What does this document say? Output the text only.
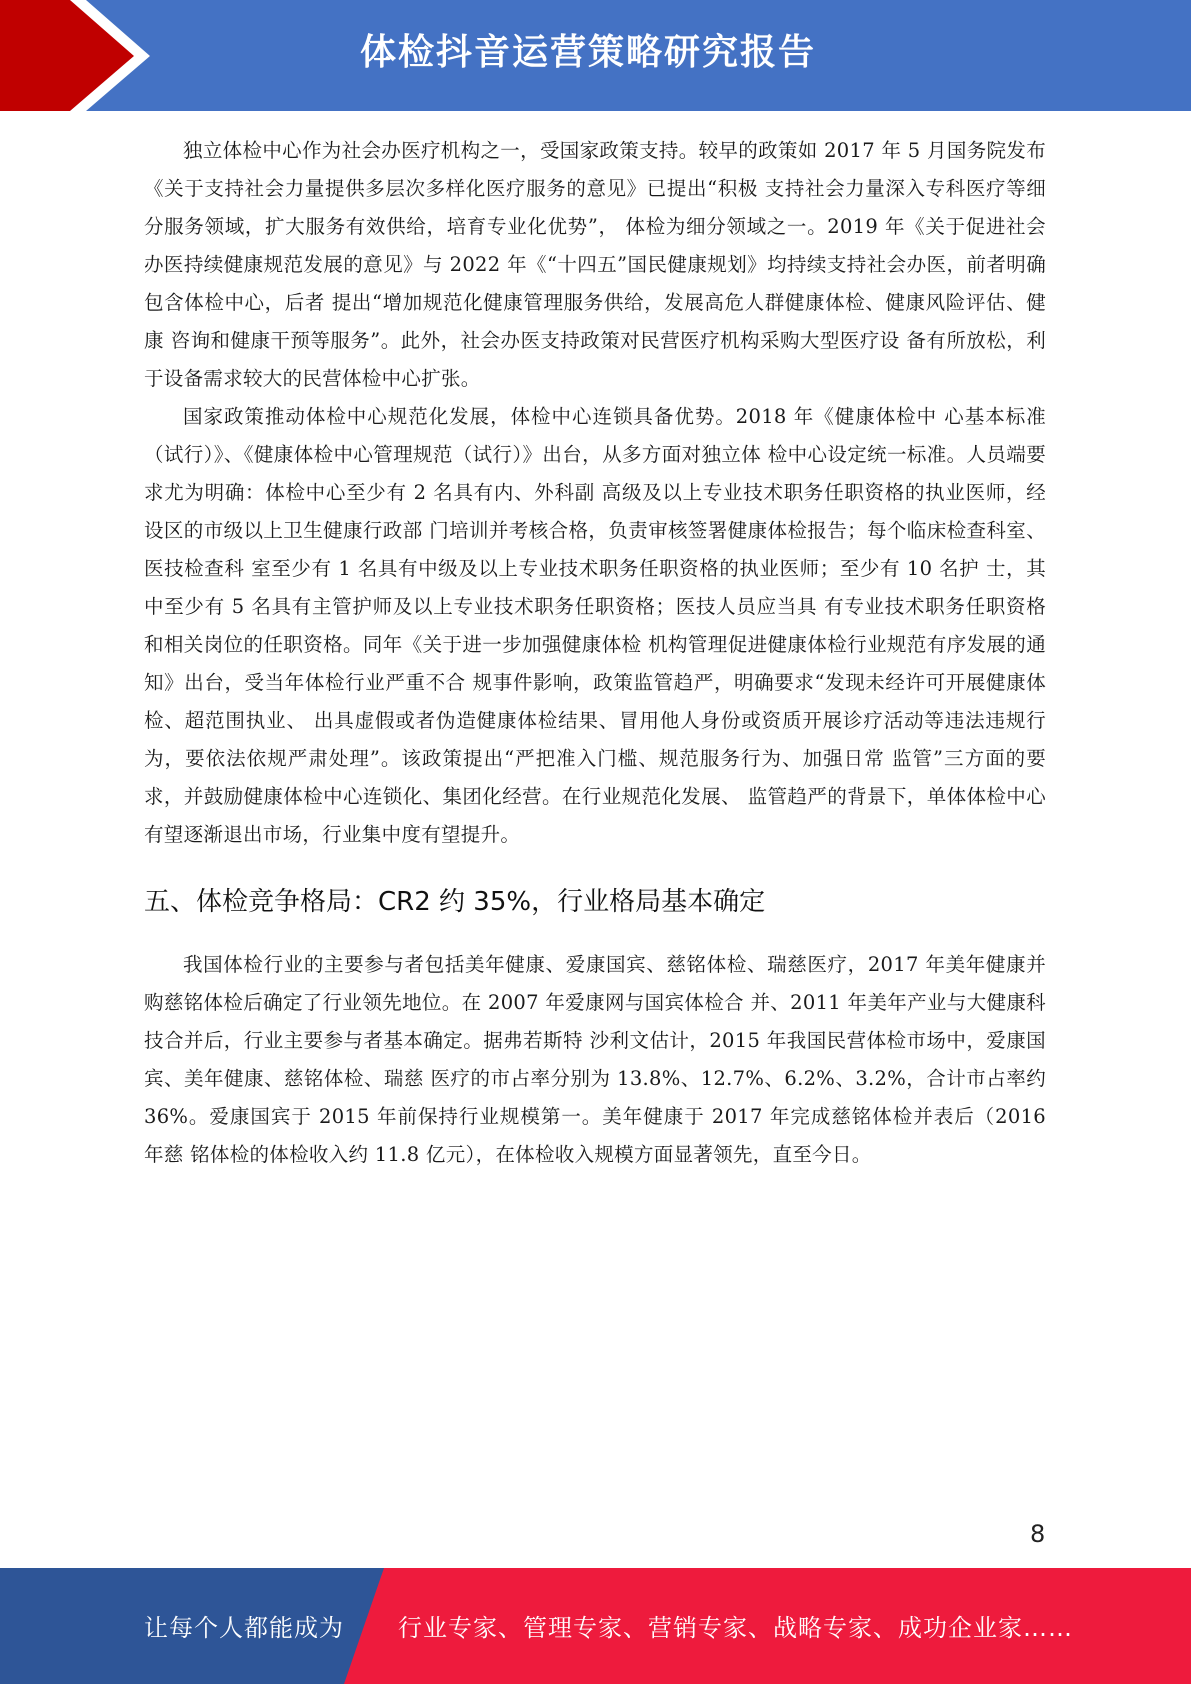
体检抖音运营策略研究报告

独立体检中心作为社会办医疗机构之一，受国家政策支持。较早的政策如 2017 年 5 月国务院发布《关于支持社会力量提供多层次多样化医疗服务的意见》已提出“积极 支持社会力量深入专科医疗等细分服务领域，扩大服务有效供给，培育专业化优势”， 体检为细分领域之一。2019 年《关于促进社会办医持续健康规范发展的意见》与 2022 年《“十四五”国民健康规划》均持续支持社会办医，前者明确包含体检中心，后者 提出“增加规范化健康管理服务供给，发展高危人群健康体检、健康风险评估、健康 咨询和健康干预等服务”。此外，社会办医支持政策对民营医疗机构采购大型医疗设 备有所放松，利于设备需求较大的民营体检中心扩张。

国家政策推动体检中心规范化发展，体检中心连锁具备优势。2018 年《健康体检中 心基本标准（试行）》、《健康体检中心管理规范（试行）》出台，从多方面对独立体 检中心设定统一标准。人员端要求尤为明确：体检中心至少有 2 名具有内、外科副 高级及以上专业技术职务任职资格的执业医师，经设区的市级以上卫生健康行政部 门培训并考核合格，负责审核签署健康体检报告；每个临床检查科室、医技检查科 室至少有 1 名具有中级及以上专业技术职务任职资格的执业医师；至少有 10 名护 士，其中至少有 5 名具有主管护师及以上专业技术职务任职资格；医技人员应当具 有专业技术职务任职资格和相关岗位的任职资格。同年《关于进一步加强健康体检 机构管理促进健康体检行业规范有序发展的通知》出台，受当年体检行业严重不合 规事件影响，政策监管趋严，明确要求“发现未经许可开展健康体检、超范围执业、 出具虚假或者伪造健康体检结果、冒用他人身份或资质开展诊疗活动等违法违规行 为，要依法依规严肃处理”。该政策提出“严把准入门槛、规范服务行为、加强日常 监管”三方面的要求，并鼓励健康体检中心连锁化、集团化经营。在行业规范化发展、 监管趋严的背景下，单体体检中心有望逐渐退出市场，行业集中度有望提升。

五、体检竞争格局：CR2 约 35%，行业格局基本确定

我国体检行业的主要参与者包括美年健康、爱康国宾、慈铭体检、瑞慈医疗，2017 年美年健康并购慈铭体检后确定了行业领先地位。在 2007 年爱康网与国宾体检合 并、2011 年美年产业与大健康科技合并后，行业主要参与者基本确定。据弗若斯特 沙利文估计，2015 年我国民营体检市场中，爱康国宾、美年健康、慈铭体检、瑞慈 医疗的市占率分别为 13.8%、12.7%、6.2%、3.2%，合计市占率约 36%。爱康国宾于 2015 年前保持行业规模第一。美年健康于 2017 年完成慈铭体检并表后（2016 年慈 铭体检的体检收入约 11.8 亿元），在体检收入规模方面显著领先，直至今日。

8
让每个人都能成为 行业专家、管理专家、营销专家、战略专家、成功企业家……
